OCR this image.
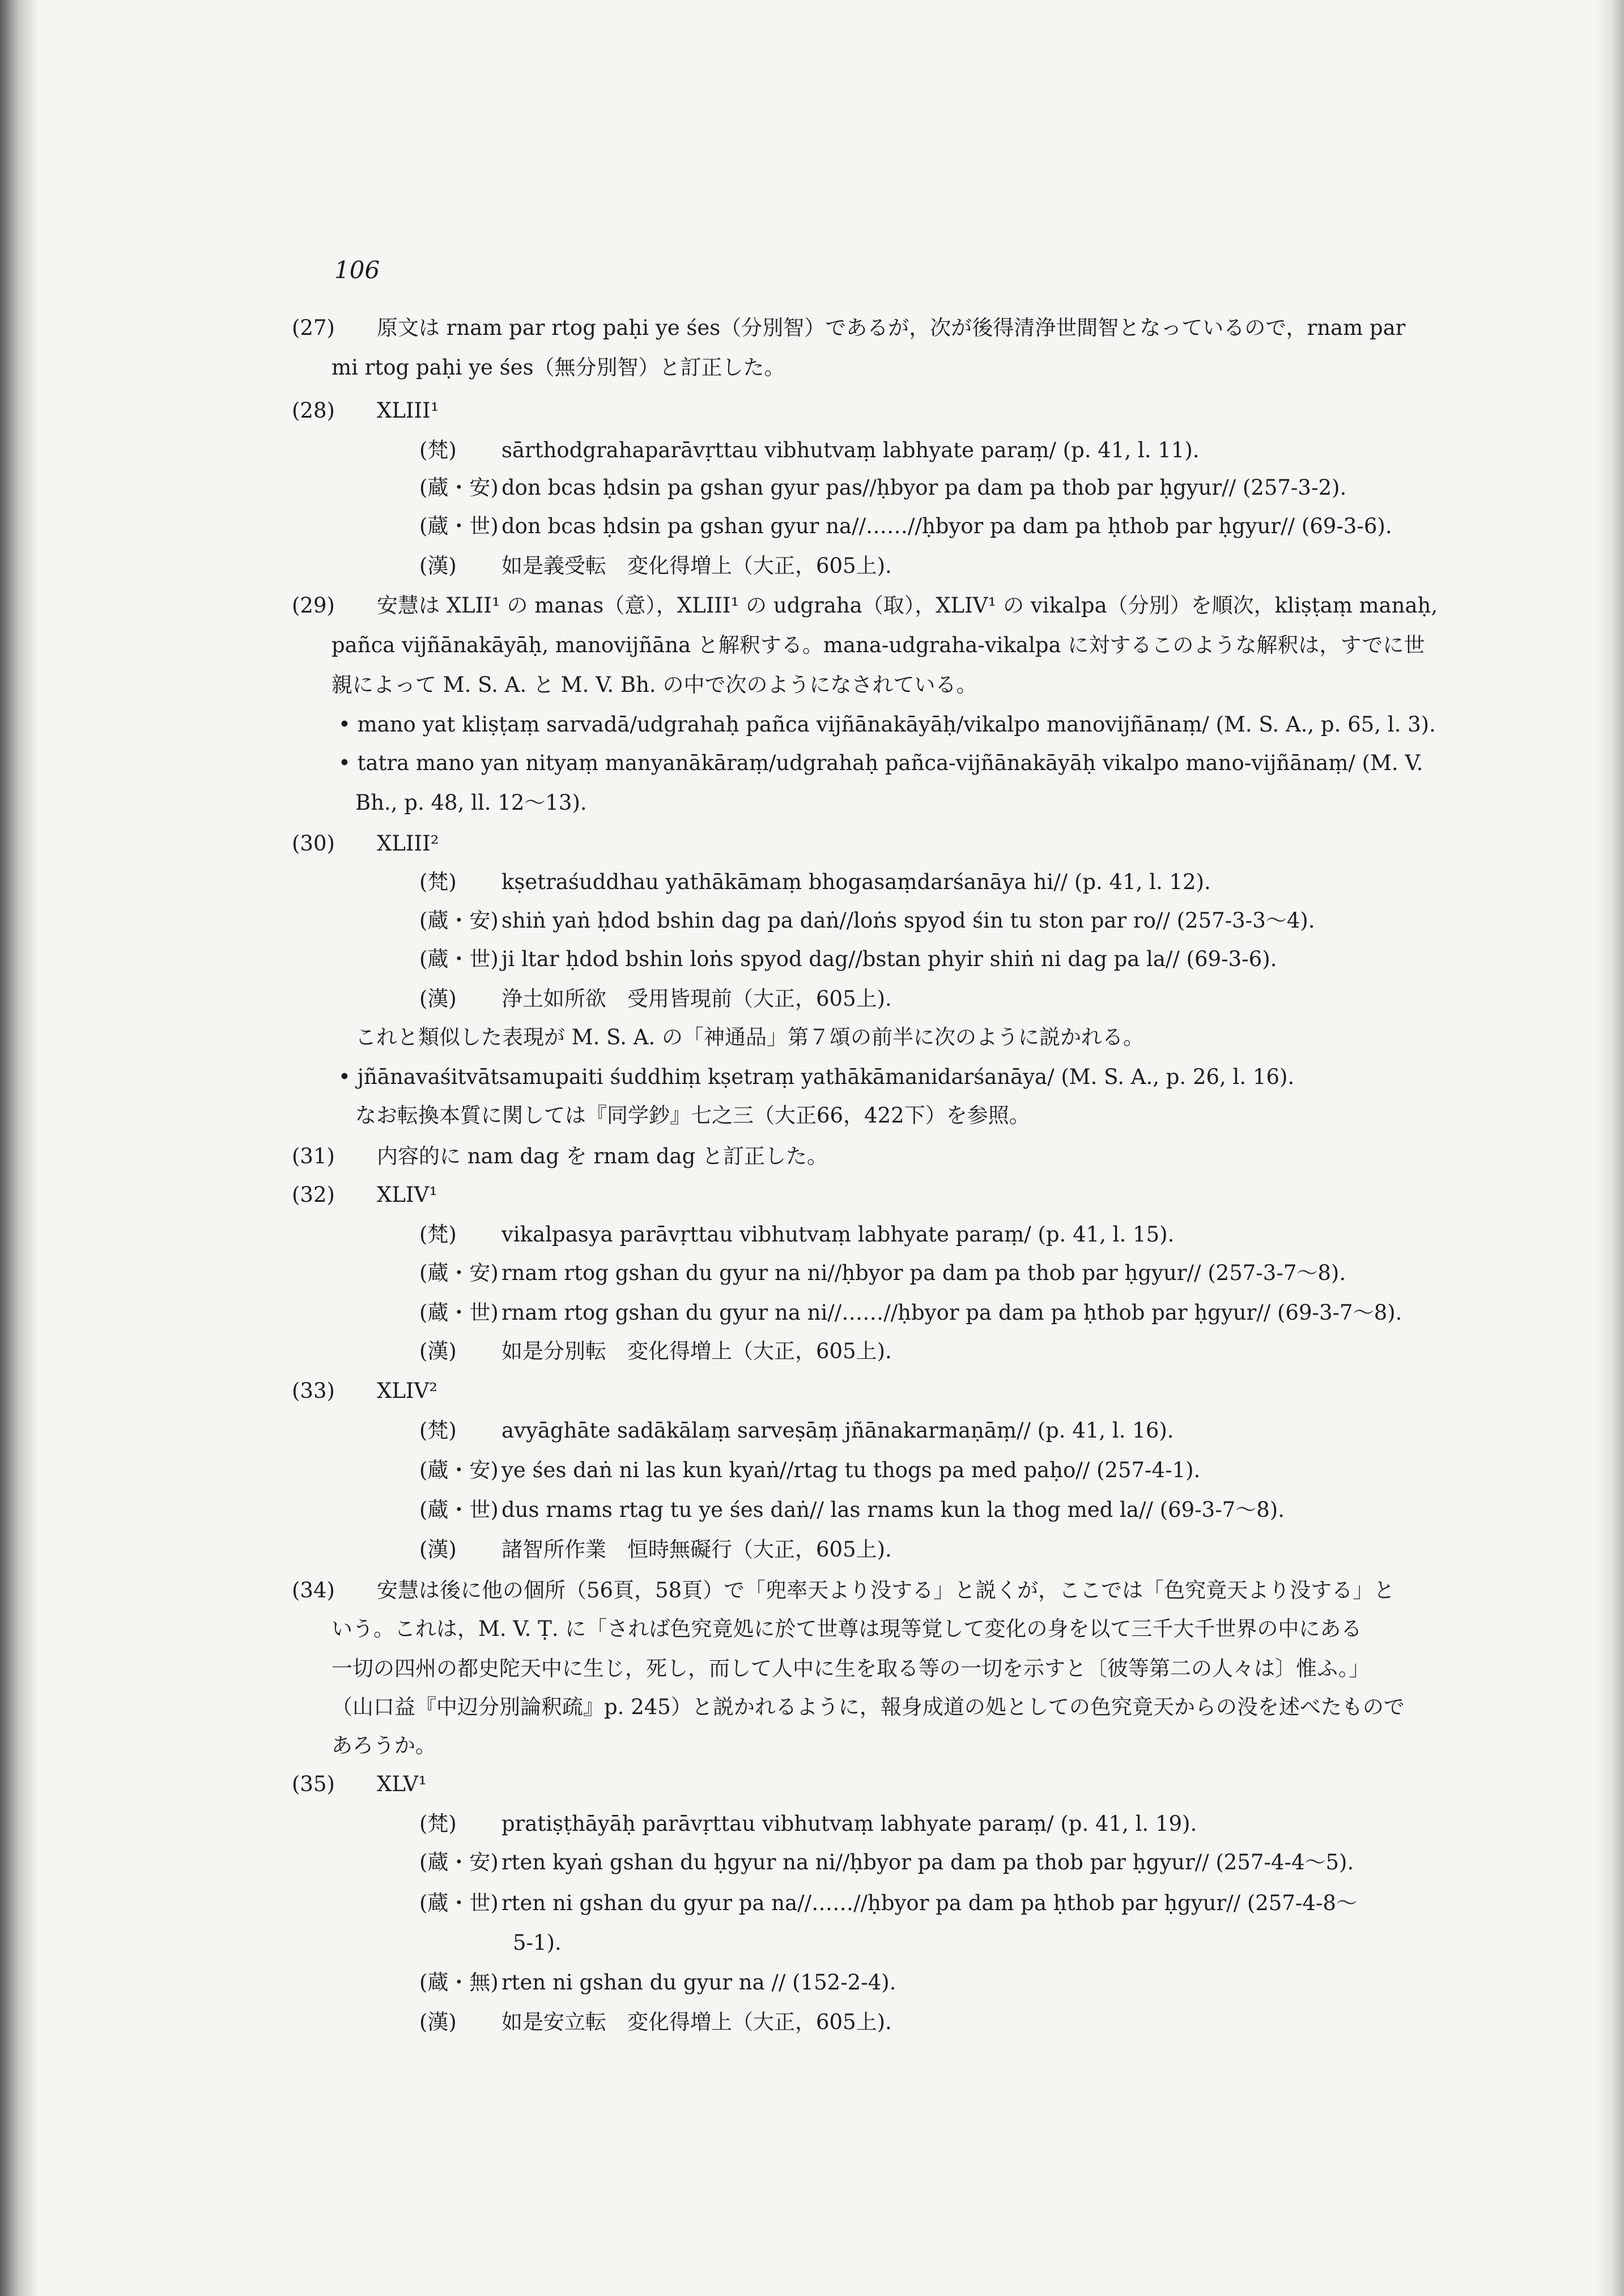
106
(27) 原文は rnam par rtog paḥi ye śes（分別智）であるが，次が後得清浄世間智となっているので，rnam par
mi rtog paḥi ye śes（無分別智）と訂正した。
(28) XLIII¹
(梵) sārthodgrahaparāvṛttau vibhutvaṃ labhyate paraṃ/ (p. 41, l. 11).
(蔵・安) don bcas ḥdsin pa gshan gyur pas//ḥbyor pa dam pa thob par ḥgyur// (257-3-2).
(蔵・世) don bcas ḥdsin pa gshan gyur na//……//ḥbyor pa dam pa ḥthob par ḥgyur// (69-3-6).
(漢) 如是義受転　変化得増上（大正，605上).
(29) 安慧は XLII¹ の manas（意），XLIII¹ の udgraha（取），XLIV¹ の vikalpa（分別）を順次，kliṣṭaṃ manaḥ,
pañca vijñānakāyāḥ, manovijñāna と解釈する。mana-udgraha-vikalpa に対するこのような解釈は，すでに世
親によって M. S. A. と M. V. Bh. の中で次のようになされている。
• mano yat kliṣṭaṃ sarvadā/udgrahaḥ pañca vijñānakāyāḥ/vikalpo manovijñānaṃ/ (M. S. A., p. 65, l. 3).
• tatra mano yan nityaṃ manyanākāraṃ/udgrahaḥ pañca-vijñānakāyāḥ vikalpo mano-vijñānaṃ/ (M. V.
Bh., p. 48, ll. 12〜13).
(30) XLIII²
(梵) kṣetraśuddhau yathākāmaṃ bhogasaṃdarśanāya hi// (p. 41, l. 12).
(蔵・安) shiṅ yaṅ ḥdod bshin dag pa daṅ//loṅs spyod śin tu ston par ro// (257-3-3〜4).
(蔵・世) ji ltar ḥdod bshin loṅs spyod dag//bstan phyir shiṅ ni dag pa la// (69-3-6).
(漢) 浄土如所欲　受用皆現前（大正，605上).
これと類似した表現が M. S. A. の「神通品」第７頌の前半に次のように説かれる。
• jñānavaśitvātsamupaiti śuddhiṃ kṣetraṃ yathākāmanidarśanāya/ (M. S. A., p. 26, l. 16).
なお転換本質に関しては『同学鈔』七之三（大正66，422下）を参照。
(31) 内容的に nam dag を rnam dag と訂正した。
(32) XLIV¹
(梵) vikalpasya parāvṛttau vibhutvaṃ labhyate paraṃ/ (p. 41, l. 15).
(蔵・安) rnam rtog gshan du gyur na ni//ḥbyor pa dam pa thob par ḥgyur// (257-3-7〜8).
(蔵・世) rnam rtog gshan du gyur na ni//……//ḥbyor pa dam pa ḥthob par ḥgyur// (69-3-7〜8).
(漢) 如是分別転　変化得増上（大正，605上).
(33) XLIV²
(梵) avyāghāte sadākālaṃ sarveṣāṃ jñānakarmaṇāṃ// (p. 41, l. 16).
(蔵・安) ye śes daṅ ni las kun kyaṅ//rtag tu thogs pa med paḥo// (257-4-1).
(蔵・世) dus rnams rtag tu ye śes daṅ// las rnams kun la thog med la// (69-3-7〜8).
(漢) 諸智所作業　恒時無礙行（大正，605上).
(34) 安慧は後に他の個所（56頁，58頁）で「兜率天より没する」と説くが，ここでは「色究竟天より没する」と
いう。これは，M. V. Ṭ. に「されば色究竟処に於て世尊は現等覚して変化の身を以て三千大千世界の中にある
一切の四州の都史陀天中に生じ，死し，而して人中に生を取る等の一切を示すと〔彼等第二の人々は〕惟ふ。」
（山口益『中辺分別論釈疏』p. 245）と説かれるように，報身成道の処としての色究竟天からの没を述べたもので
あろうか。
(35) XLV¹
(梵) pratiṣṭhāyāḥ parāvṛttau vibhutvaṃ labhyate paraṃ/ (p. 41, l. 19).
(蔵・安) rten kyaṅ gshan du ḥgyur na ni//ḥbyor pa dam pa thob par ḥgyur// (257-4-4〜5).
(蔵・世) rten ni gshan du gyur pa na//……//ḥbyor pa dam pa ḥthob par ḥgyur// (257-4-8〜
5-1).
(蔵・無) rten ni gshan du gyur na // (152-2-4).
(漢) 如是安立転　変化得増上（大正，605上).
